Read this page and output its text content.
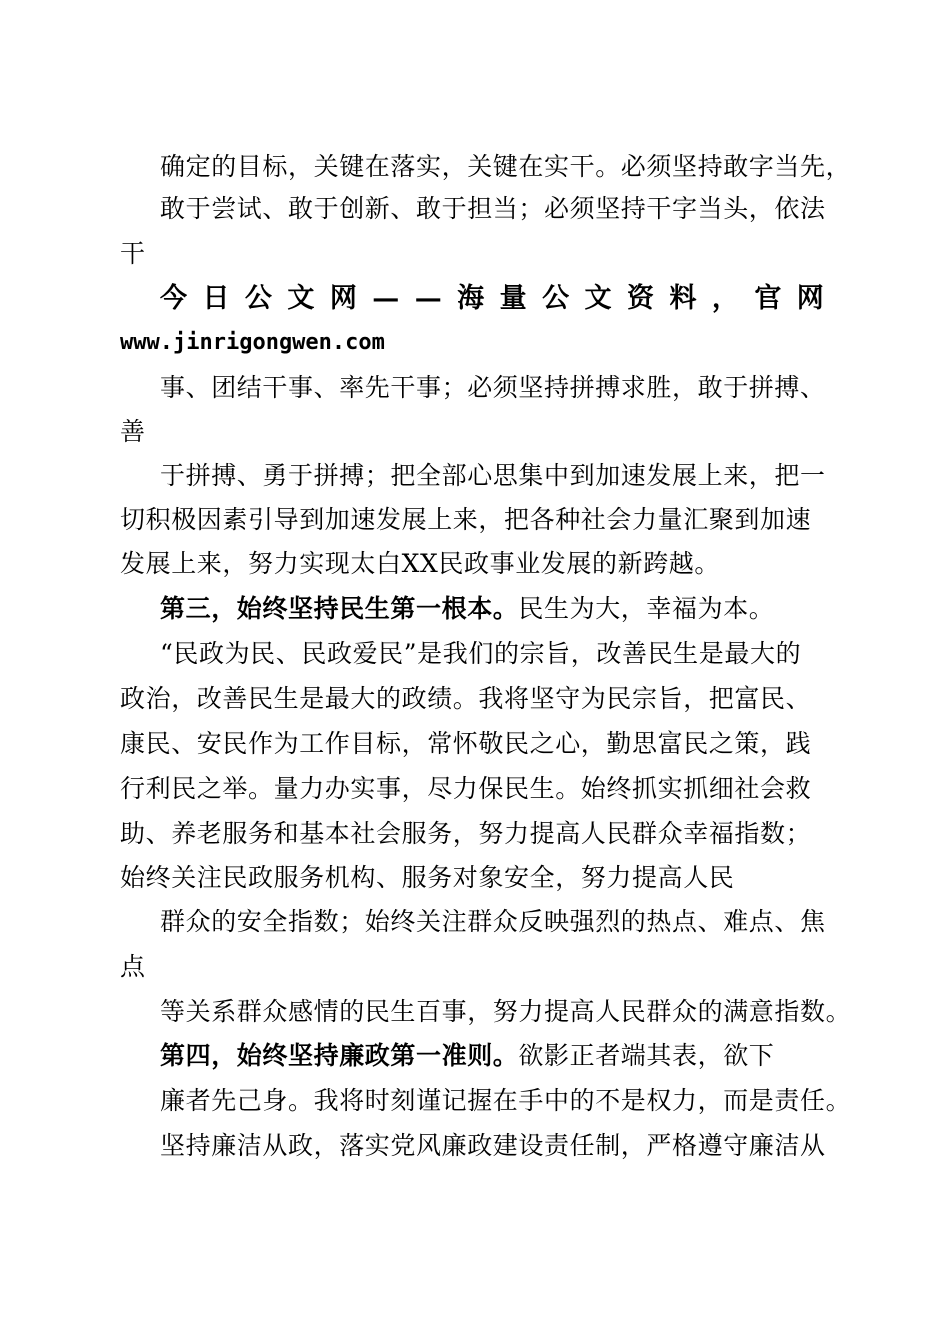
确定的目标，关键在落实，关键在实干。必须坚持敢字当先，
敢于尝试、敢于创新、敢于担当；必须坚持干字当头，依法
干
今 日 公 文 网 — — 海 量 公 文 资 料 ， 官 网
www.jinrigongwen.com
事、团结干事、率先干事；必须坚持拼搏求胜，敢于拼搏、
善
于拼搏、勇于拼搏；把全部心思集中到加速发展上来，把一
切积极因素引导到加速发展上来，把各种社会力量汇聚到加速
发展上来，努力实现太白XX民政事业发展的新跨越。
第三，始终坚持民生第一根本。民生为大，幸福为本。
“民政为民、民政爱民”是我们的宗旨，改善民生是最大的
政治，改善民生是最大的政绩。我将坚守为民宗旨，把富民、
康民、安民作为工作目标，常怀敬民之心，勤思富民之策，践
行利民之举。量力办实事，尽力保民生。始终抓实抓细社会救
助、养老服务和基本社会服务，努力提高人民群众幸福指数；
始终关注民政服务机构、服务对象安全，努力提高人民
群众的安全指数；始终关注群众反映强烈的热点、难点、焦
点
等关系群众感情的民生百事，努力提高人民群众的满意指数。
第四，始终坚持廉政第一准则。欲影正者端其表，欲下
廉者先己身。我将时刻谨记握在手中的不是权力，而是责任。
坚持廉洁从政，落实党风廉政建设责任制，严格遵守廉洁从
